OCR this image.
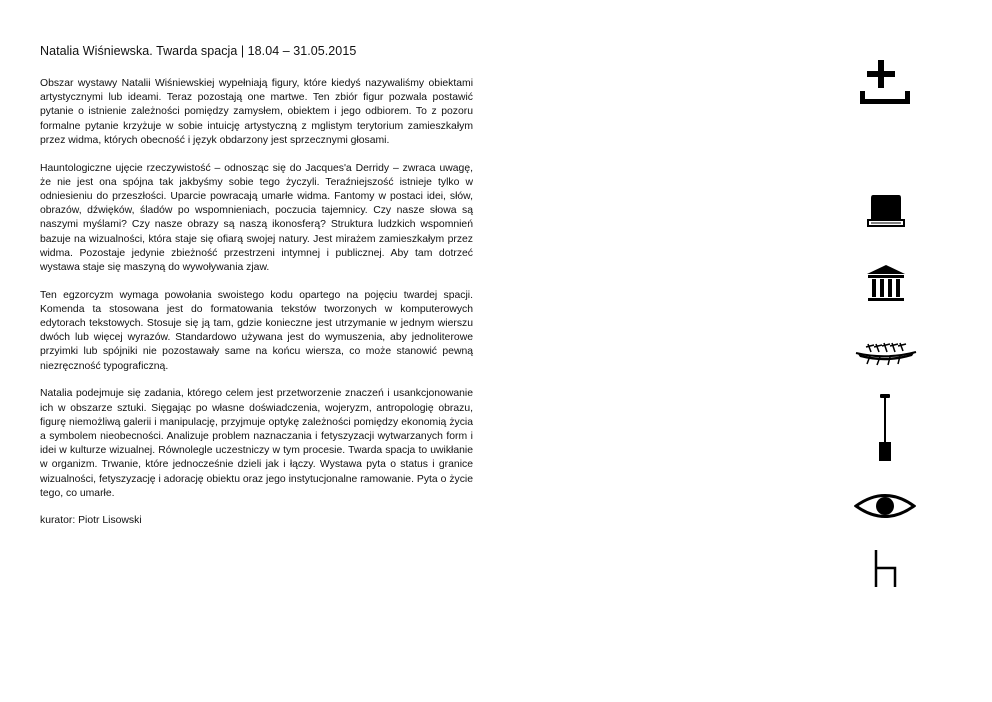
Natalia Wiśniewska. Twarda spacja | 18.04 – 31.05.2015

Obszar wystawy Natalii Wiśniewskiej wypełniają figury, które kiedyś nazywaliśmy obiektami artystycznymi lub ideami. Teraz pozostają one martwe. Ten zbiór figur pozwala postawić pytanie o istnienie zależności pomiędzy zamysłem, obiektem i jego odbiorem. To z pozoru formalne pytanie krzyżuje w sobie intuicję artystyczną z mglistym terytorium zamieszkałym przez widma, których obecność i język obdarzony jest sprzecznymi głosami.

Hauntologiczne ujęcie rzeczywistość – odnosząc się do Jacques'a Derridy – zwraca uwagę, że nie jest ona spójna tak jakbyśmy sobie tego życzyli. Teraźniejszość istnieje tylko w odniesieniu do przeszłości. Uparcie powracają umarłe widma. Fantomy w postaci idei, słów, obrazów, dźwięków, śladów po wspomnieniach, poczucia tajemnicy. Czy nasze słowa są naszymi myślami? Czy nasze obrazy są naszą ikonosferą? Struktura ludzkich wspomnień bazuje na wizualności, która staje się ofiarą swojej natury. Jest mirażem zamieszkałym przez widma. Pozostaje jedynie zbieżność przestrzeni intymnej i publicznej. Aby tam dotrzeć wystawa staje się maszyną do wywoływania zjaw.

Ten egzorcyzm wymaga powołania swoistego kodu opartego na pojęciu twardej spacji. Komenda ta stosowana jest do formatowania tekstów tworzonych w komputerowych edytorach tekstowych. Stosuje się ją tam, gdzie konieczne jest utrzymanie w jednym wierszu dwóch lub więcej wyrazów. Standardowo używana jest do wymuszenia, aby jednoliterowe przyimki lub spójniki nie pozostawały same na końcu wiersza, co może stanowić pewną niezręczność typograficzną.

Natalia podejmuje się zadania, którego celem jest przetworzenie znaczeń i usankcjonowanie ich w obszarze sztuki. Sięgając po własne doświadczenia, wojeryzm, antropologię obrazu, figurę niemożliwą galerii i manipulację, przyjmuje optykę zależności pomiędzy ekonomią życia a symbolem nieobecności. Analizuje problem naznaczania i fetyszyzacji wytwarzanych form i idei w kulturze wizualnej. Równolegle uczestniczy w tym procesie. Twarda spacja to uwikłanie w organizm. Trwanie, które jednocześnie dzieli jak i łączy. Wystawa pyta o status i granice wizualności, fetyszyzację i adorację obiektu oraz jego instytucjonalne ramowanie. Pyta o życie tego, co umarłe.

kurator: Piotr Lisowski
